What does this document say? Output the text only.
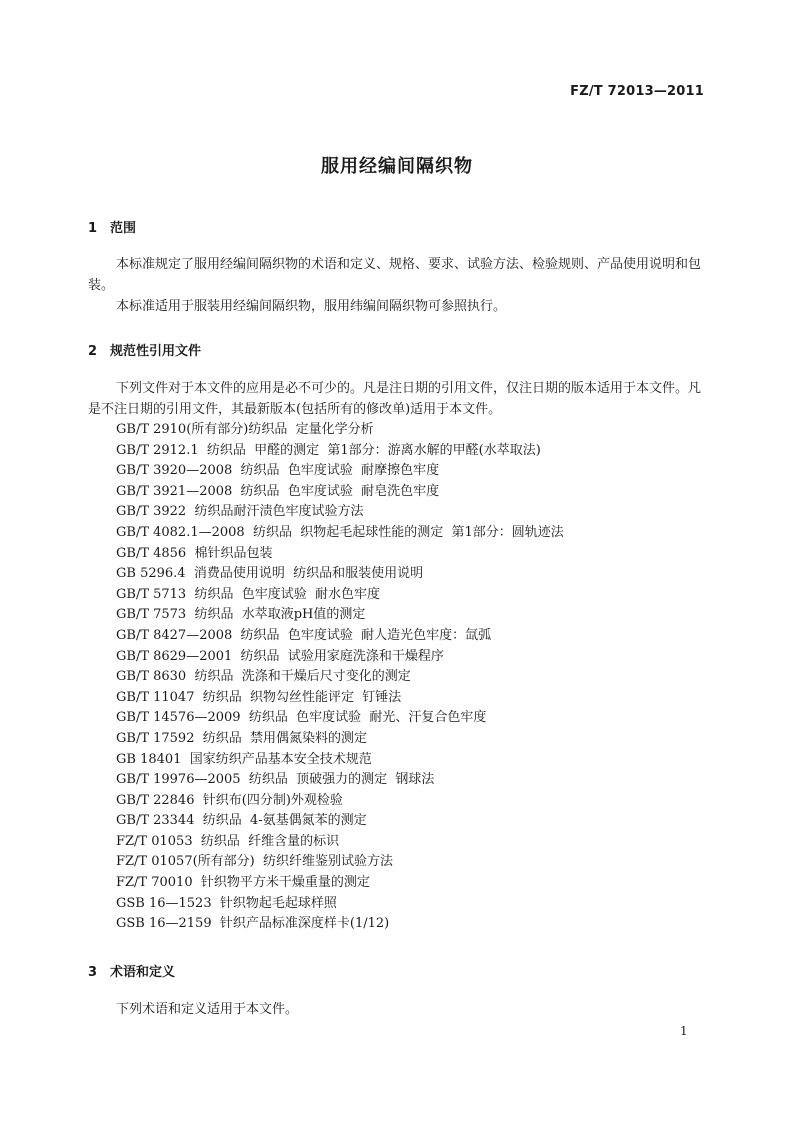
FZ/T 72013—2011
服用经编间隔织物
1 范围

本标准规定了服用经编间隔织物的术语和定义、规格、要求、试验方法、检验规则、产品使用说明和包装。

本标准适用于服装用经编间隔织物，服用纬编间隔织物可参照执行。

2 规范性引用文件

下列文件对于本文件的应用是必不可少的。凡是注日期的引用文件，仅注日期的版本适用于本文件。凡是不注日期的引用文件，其最新版本(包括所有的修改单)适用于本文件。

GB/T 2910(所有部分)纺织品  定量化学分析
GB/T 2912.1  纺织品  甲醛的测定  第1部分：游离水解的甲醛(水萃取法)
GB/T 3920—2008  纺织品  色牢度试验  耐摩擦色牢度
GB/T 3921—2008  纺织品  色牢度试验  耐皂洗色牢度
GB/T 3922  纺织品耐汗渍色牢度试验方法
GB/T 4082.1—2008  纺织品  织物起毛起球性能的测定  第1部分：圆轨迹法
GB/T 4856  棉针织品包装
GB 5296.4  消费品使用说明  纺织品和服装使用说明
GB/T 5713  纺织品  色牢度试验  耐水色牢度
GB/T 7573  纺织品  水萃取液pH值的测定
GB/T 8427—2008  纺织品  色牢度试验  耐人造光色牢度：氙弧
GB/T 8629—2001  纺织品  试验用家庭洗涤和干燥程序
GB/T 8630  纺织品  洗涤和干燥后尺寸变化的测定
GB/T 11047  纺织品  织物勾丝性能评定  钉锤法
GB/T 14576—2009  纺织品  色牢度试验  耐光、汗复合色牢度
GB/T 17592  纺织品  禁用偶氮染料的测定
GB 18401  国家纺织产品基本安全技术规范
GB/T 19976—2005  纺织品  顶破强力的测定  钢球法
GB/T 22846  针织布(四分制)外观检验
GB/T 23344  纺织品  4-氨基偶氮苯的测定
FZ/T 01053  纺织品  纤维含量的标识
FZ/T 01057(所有部分)  纺织纤维鉴别试验方法
FZ/T 70010  针织物平方米干燥重量的测定
GSB 16—1523  针织物起毛起球样照
GSB 16—2159  针织产品标准深度样卡(1/12)
3 术语和定义

下列术语和定义适用于本文件。

1
